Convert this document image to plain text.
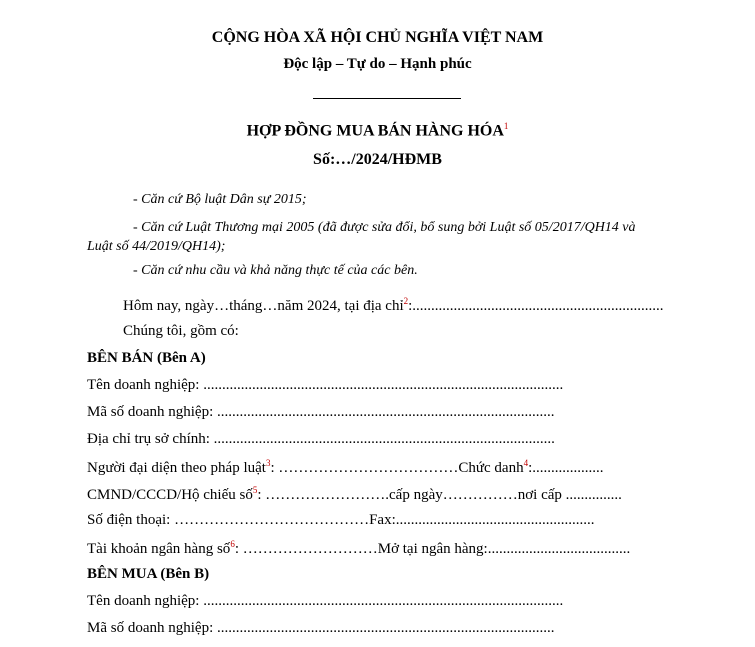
CỘNG HÒA XÃ HỘI CHỦ NGHĨA VIỆT NAM
Độc lập – Tự do – Hạnh phúc
HỢP ĐỒNG MUA BÁN HÀNG HÓA$^1$
Số:…/2024/HĐMB
- Căn cứ Bộ luật Dân sự 2015;
- Căn cứ Luật Thương mại 2005 (đã được sửa đổi, bổ sung bởi Luật số 05/2017/QH14 và
Luật số 44/2019/QH14);
- Căn cứ nhu cầu và khả năng thực tế của các bên.
Hôm nay, ngày…tháng…năm 2024, tại địa chỉ$^2$:...................................................................
Chúng tôi, gồm có:
BÊN BÁN (Bên A)
Tên doanh nghiệp: ................................................................................................
Mã số doanh nghiệp: ..........................................................................................
Địa chỉ trụ sở chính: ...........................................................................................
Người đại diện theo pháp luật$^3$: ………………………………Chức danh$^4$:...................
CMND/CCCD/Hộ chiếu số$^5$: …………………….cấp ngày……………nơi cấp ...............
Số điện thoại: …………………………………Fax:.....................................................
Tài khoản ngân hàng số$^6$: ………………………Mở tại ngân hàng:......................................
BÊN MUA (Bên B)
Tên doanh nghiệp: ................................................................................................
Mã số doanh nghiệp: ..........................................................................................
